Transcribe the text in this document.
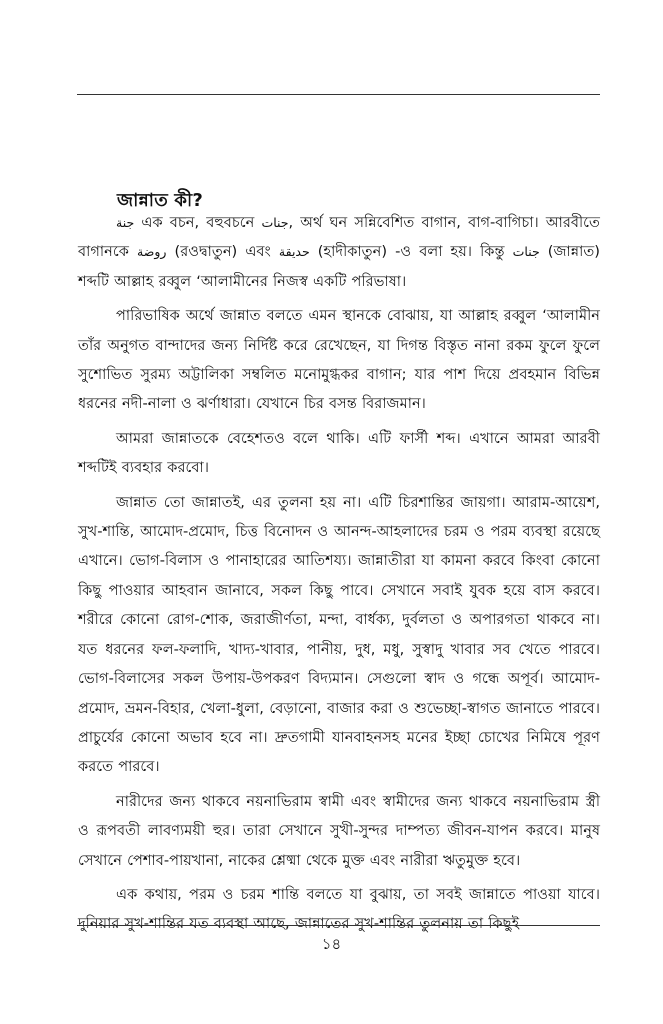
জান্নাত কী?

جنة এক বচন, বহুবচনে جنات, অর্থ ঘন সন্নিবেশিত বাগান, বাগ-বাগিচা। আরবীতে বাগানকে روضة (রওদ্বাতুন) এবং حديقة (হাদীকাতুন) -ও বলা হয়। কিন্তু جنات (জান্নাত) শব্দটি আল্লাহ রব্বুল ‘আলামীনের নিজস্ব একটি পরিভাষা।

পারিভাষিক অর্থে জান্নাত বলতে এমন স্থানকে বোঝায়, যা আল্লাহ রব্বুল ‘আলামীন তাঁর অনুগত বান্দাদের জন্য নির্দিষ্ট করে রেখেছেন, যা দিগন্ত বিস্তৃত নানা রকম ফুলে ফুলে সুশোভিত সুরম্য অট্টালিকা সম্বলিত মনোমুগ্ধকর বাগান; যার পাশ দিয়ে প্রবহমান বিভিন্ন ধরনের নদী-নালা ও ঝর্ণাধারা। যেখানে চির বসন্ত বিরাজমান।

আমরা জান্নাতকে বেহেশতও বলে থাকি। এটি ফার্সী শব্দ। এখানে আমরা আরবী শব্দটিই ব্যবহার করবো।

জান্নাত তো জান্নাতই, এর তুলনা হয় না। এটি চিরশান্তির জায়গা। আরাম-আয়েশ, সুখ-শান্তি, আমোদ-প্রমোদ, চিত্ত বিনোদন ও আনন্দ-আহলাদের চরম ও পরম ব্যবস্থা রয়েছে এখানে। ভোগ-বিলাস ও পানাহারের আতিশয্য। জান্নাতীরা যা কামনা করবে কিংবা কোনো কিছু পাওয়ার আহবান জানাবে, সকল কিছু পাবে। সেখানে সবাই যুবক হয়ে বাস করবে। শরীরে কোনো রোগ-শোক, জরাজীর্ণতা, মন্দা, বার্ধক্য, দুর্বলতা ও অপারগতা থাকবে না। যত ধরনের ফল-ফলাদি, খাদ্য-খাবার, পানীয়, দুধ, মধু, সুস্বাদু খাবার সব খেতে পারবে। ভোগ-বিলাসের সকল উপায়-উপকরণ বিদ্যমান। সেগুলো স্বাদ ও গন্ধে অপূর্ব। আমোদ-প্রমোদ, ভ্রমন-বিহার, খেলা-ধুলা, বেড়ানো, বাজার করা ও শুভেচ্ছা-স্বাগত জানাতে পারবে। প্রাচুর্যের কোনো অভাব হবে না। দ্রুতগামী যানবাহনসহ মনের ইচ্ছা চোখের নিমিষে পূরণ করতে পারবে।

নারীদের জন্য থাকবে নয়নাভিরাম স্বামী এবং স্বামীদের জন্য থাকবে নয়নাভিরাম স্ত্রী ও রূপবতী লাবণ্যময়ী হুর। তারা সেখানে সুখী-সুন্দর দাম্পত্য জীবন-যাপন করবে। মানুষ সেখানে পেশাব-পায়খানা, নাকের শ্লেষ্মা থেকে মুক্ত এবং নারীরা ঋতুমুক্ত হবে।

এক কথায়, পরম ও চরম শান্তি বলতে যা বুঝায়, তা সবই জান্নাতে পাওয়া যাবে। দুনিয়ার সুখ-শান্তির যত ব্যবস্থা আছে, জান্নাতের সুখ-শান্তির তুলনায় তা কিছুই

১৪
